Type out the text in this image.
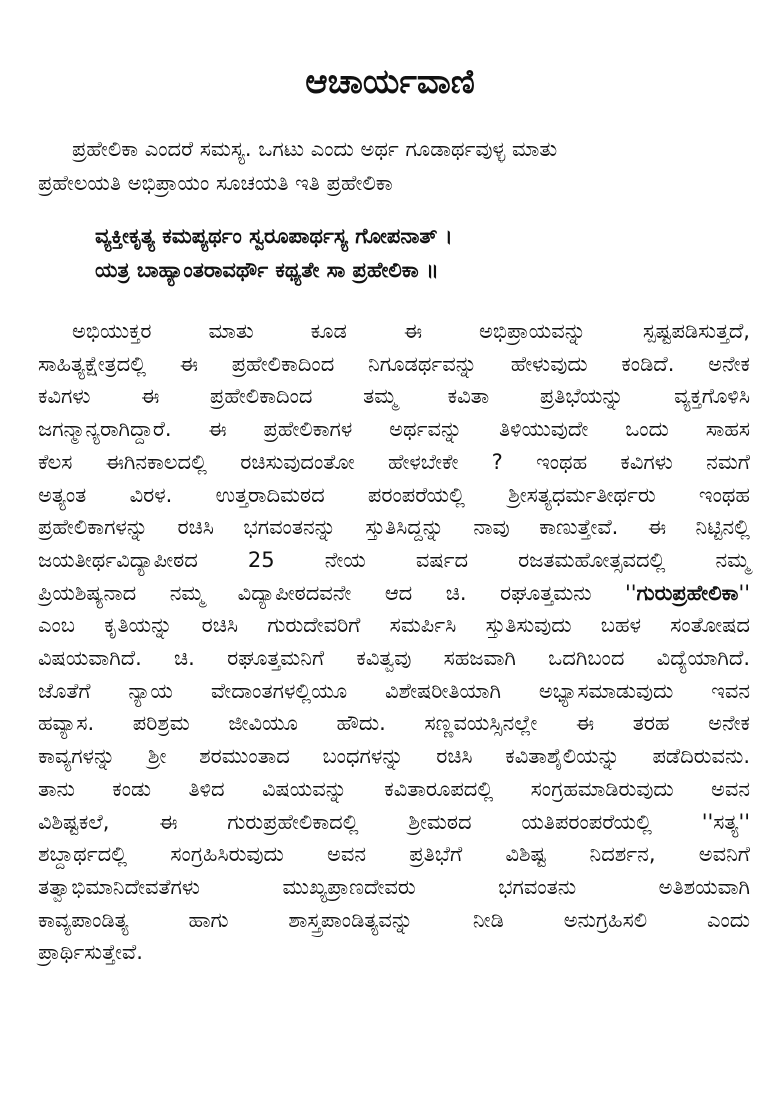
ಆಚಾರ್ಯವಾಣಿ
ಪ್ರಹೇಲಿಕಾ ಎಂದರೆ ಸಮಸ್ಯ. ಒಗಟು ಎಂದು ಅರ್ಥ ಗೂಡಾರ್ಥವುಳ್ಳ ಮಾತು
ಪ್ರಹೇಲಯತಿ ಅಭಿಪ್ರಾಯಂ ಸೂಚಯತಿ ಇತಿ ಪ್ರಹೇಲಿಕಾ
ವ್ಯಕ್ತೀಕೃತ್ಯ ಕಮಪ್ಯರ್ಥಂ ಸ್ವರೂಪಾರ್ಥಸ್ಯ ಗೋಪನಾತ್ ।
ಯತ್ರ ಬಾಹ್ಯಾಂತರಾವರ್ಥೌ ಕಥ್ಯತೇ ಸಾ ಪ್ರಹೇಲಿಕಾ ॥
ಅಭಿಯುಕ್ತರ ಮಾತು ಕೂಡ ಈ ಅಭಿಪ್ರಾಯವನ್ನು ಸ್ಪಷ್ಟಪಡಿಸುತ್ತದೆ,
ಸಾಹಿತ್ಯಕ್ಷೇತ್ರದಲ್ಲಿ ಈ ಪ್ರಹೇಲಿಕಾದಿಂದ ನಿಗೂಡರ್ಥವನ್ನು ಹೇಳುವುದು ಕಂಡಿದೆ. ಅನೇಕ
ಕವಿಗಳು ಈ ಪ್ರಹೇಲಿಕಾದಿಂದ ತಮ್ಮ ಕವಿತಾ ಪ್ರತಿಭೆಯನ್ನು ವ್ಯಕ್ತಗೊಳಿಸಿ
ಜಗನ್ಮಾನ್ಯರಾಗಿದ್ದಾರೆ. ಈ ಪ್ರಹೇಲಿಕಾಗಳ ಅರ್ಥವನ್ನು ತಿಳಿಯುವುದೇ ಒಂದು ಸಾಹಸ
ಕೆಲಸ ಈಗಿನಕಾಲದಲ್ಲಿ ರಚಿಸುವುದಂತೋ ಹೇಳಬೇಕೇ ? ಇಂಥಹ ಕವಿಗಳು ನಮಗೆ
ಅತ್ಯಂತ ವಿರಳ. ಉತ್ತರಾದಿಮಠದ ಪರಂಪರೆಯಲ್ಲಿ ಶ್ರೀಸತ್ಯಧರ್ಮತೀರ್ಥರು ಇಂಥಹ
ಪ್ರಹೇಲಿಕಾಗಳನ್ನು ರಚಿಸಿ ಭಗವಂತನನ್ನು ಸ್ತುತಿಸಿದ್ದನ್ನು ನಾವು ಕಾಣುತ್ತೇವೆ. ಈ ನಿಟ್ಟಿನಲ್ಲಿ
ಜಯತೀರ್ಥವಿದ್ಯಾಪೀಠದ 25 ನೇಯ ವರ್ಷದ ರಜತಮಹೋತ್ಸವದಲ್ಲಿ ನಮ್ಮ
ಪ್ರಿಯಶಿಷ್ಯನಾದ ನಮ್ಮ ವಿದ್ಯಾಪೀಠದವನೇ ಆದ ಚಿ. ರಘೂತ್ತಮನು ''ಗುರುಪ್ರಹೇಲಿಕಾ''
ಎಂಬ ಕೃತಿಯನ್ನು ರಚಿಸಿ ಗುರುದೇವರಿಗೆ ಸಮರ್ಪಿಸಿ ಸ್ತುತಿಸುವುದು ಬಹಳ ಸಂತೋಷದ
ವಿಷಯವಾಗಿದೆ. ಚಿ. ರಘೂತ್ತಮನಿಗೆ ಕವಿತ್ವವು ಸಹಜವಾಗಿ ಒದಗಿಬಂದ ವಿದ್ಯೆಯಾಗಿದೆ.
ಜೊತೆಗೆ ನ್ಯಾಯ ವೇದಾಂತಗಳಲ್ಲಿಯೂ ವಿಶೇಷರೀತಿಯಾಗಿ ಅಭ್ಯಾಸಮಾಡುವುದು ಇವನ
ಹವ್ಯಾಸ. ಪರಿಶ್ರಮ ಜೀವಿಯೂ ಹೌದು. ಸಣ್ಣವಯಸ್ಸಿನಲ್ಲೇ ಈ ತರಹ ಅನೇಕ
ಕಾವ್ಯಗಳನ್ನು ಶ್ರೀ ಶರಮುಂತಾದ ಬಂಧಗಳನ್ನು ರಚಿಸಿ ಕವಿತಾಶೈಲಿಯನ್ನು ಪಡೆದಿರುವನು.
ತಾನು ಕಂಡು ತಿಳಿದ ವಿಷಯವನ್ನು ಕವಿತಾರೂಪದಲ್ಲಿ ಸಂಗ್ರಹಮಾಡಿರುವುದು ಅವನ
ವಿಶಿಷ್ಟಕಲೆ, ಈ ಗುರುಪ್ರಹೇಲಿಕಾದಲ್ಲಿ ಶ್ರೀಮಠದ ಯತಿಪರಂಪರೆಯಲ್ಲಿ ''ಸತ್ಯ''
ಶಬ್ದಾರ್ಥದಲ್ಲಿ ಸಂಗ್ರಹಿಸಿರುವುದು ಅವನ ಪ್ರತಿಭೆಗೆ ವಿಶಿಷ್ಟ ನಿದರ್ಶನ, ಅವನಿಗೆ
ತತ್ವಾಭಿಮಾನಿದೇವತೆಗಳು ಮುಖ್ಯಪ್ರಾಣದೇವರು ಭಗವಂತನು ಅತಿಶಯವಾಗಿ
ಕಾವ್ಯಪಾಂಡಿತ್ಯ ಹಾಗು ಶಾಸ್ತ್ರಪಾಂಡಿತ್ಯವನ್ನು ನೀಡಿ ಅನುಗ್ರಹಿಸಲಿ ಎಂದು
ಪ್ರಾರ್ಥಿಸುತ್ತೇವೆ.
